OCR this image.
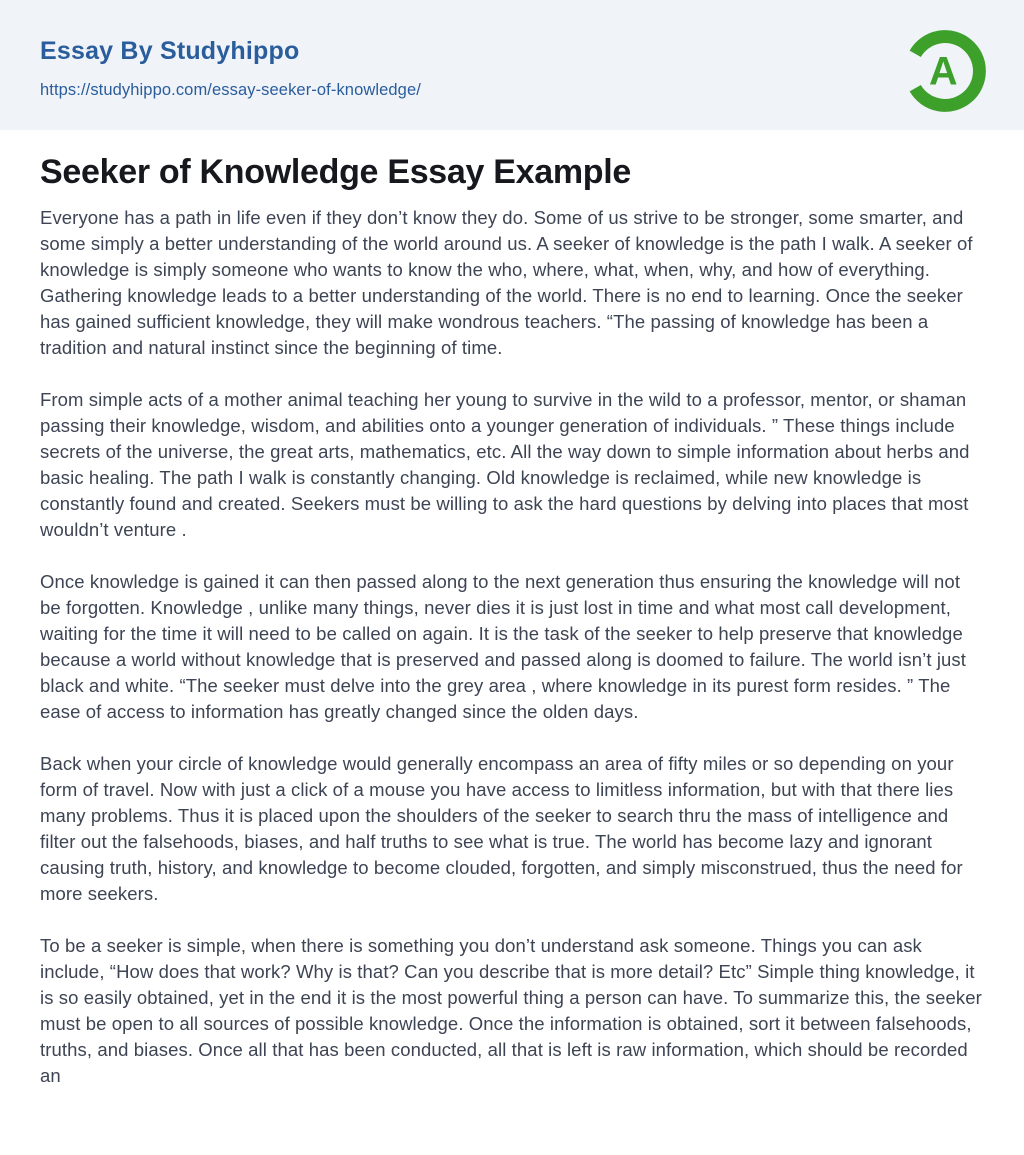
Essay By Studyhippo
https://studyhippo.com/essay-seeker-of-knowledge/	A
Seeker of Knowledge Essay Example

Everyone has a path in life even if they don’t know they do. Some of us strive to be stronger, some smarter, and some simply a better understanding of the world around us. A seeker of knowledge is the path I walk. A seeker of knowledge is simply someone who wants to know the who, where, what, when, why, and how of everything. Gathering knowledge leads to a better understanding of the world. There is no end to learning. Once the seeker has gained sufficient knowledge, they will make wondrous teachers. “The passing of knowledge has been a tradition and natural instinct since the beginning of time.

From simple acts of a mother animal teaching her young to survive in the wild to a professor, mentor, or shaman passing their knowledge, wisdom, and abilities onto a younger generation of individuals. ” These things include secrets of the universe, the great arts, mathematics, etc. All the way down to simple information about herbs and basic healing. The path I walk is constantly changing. Old knowledge is reclaimed, while new knowledge is constantly found and created. Seekers must be willing to ask the hard questions by delving into places that most wouldn’t venture .

Once knowledge is gained it can then passed along to the next generation thus ensuring the knowledge will not be forgotten. Knowledge , unlike many things, never dies it is just lost in time and what most call development, waiting for the time it will need to be called on again. It is the task of the seeker to help preserve that knowledge because a world without knowledge that is preserved and passed along is doomed to failure. The world isn’t just black and white. “The seeker must delve into the grey area , where knowledge in its purest form resides. ” The ease of access to information has greatly changed since the olden days.

Back when your circle of knowledge would generally encompass an area of fifty miles or so depending on your form of travel. Now with just a click of a mouse you have access to limitless information, but with that there lies many problems. Thus it is placed upon the shoulders of the seeker to search thru the mass of intelligence and filter out the falsehoods, biases, and half truths to see what is true. The world has become lazy and ignorant causing truth, history, and knowledge to become clouded, forgotten, and simply misconstrued, thus the need for more seekers.

To be a seeker is simple, when there is something you don’t understand ask someone. Things you can ask include, “How does that work? Why is that? Can you describe that is more detail? Etc” Simple thing knowledge, it is so easily obtained, yet in the end it is the most powerful thing a person can have. To summarize this, the seeker must be open to all sources of possible knowledge. Once the information is obtained, sort it between falsehoods, truths, and biases. Once all that has been conducted, all that is left is raw information, which should be recorded an
